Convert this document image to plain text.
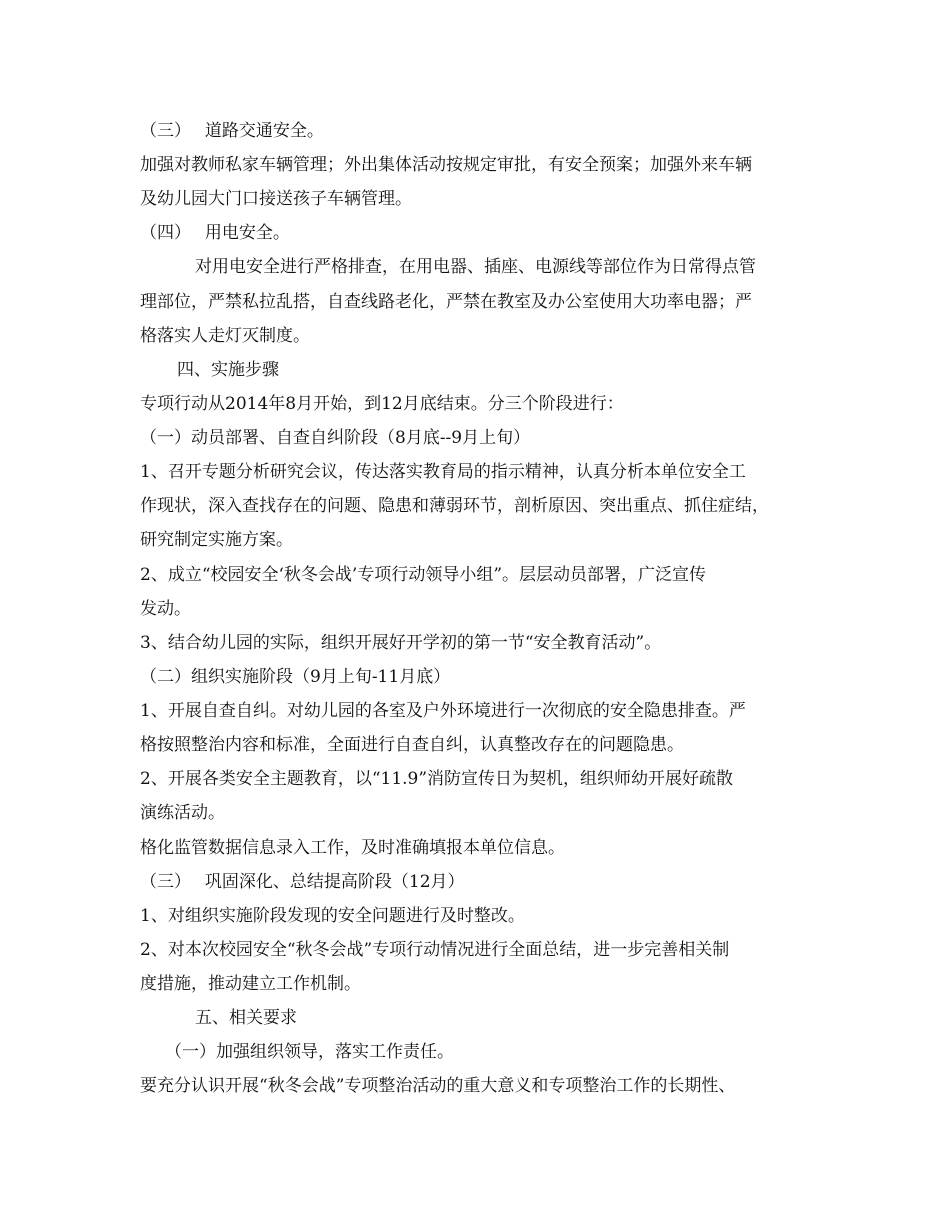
（三）　 道路交通安全。
加强对教师私家车辆管理；外出集体活动按规定审批，有安全预案；加强外来车辆
及幼儿园大门口接送孩子车辆管理。
（四）　 用电安全。
对用电安全进行严格排查，在用电器、插座、电源线等部位作为日常得点管
理部位，严禁私拉乱搭，自查线路老化，严禁在教室及办公室使用大功率电器；严
格落实人走灯灭制度。
四、实施步骤
专项行动从2014年8月开始，到12月底结束。分三个阶段进行：
（一）动员部署、自查自纠阶段（8月底--9月上旬）
1、召开专题分析研究会议，传达落实教育局的指示精神，认真分析本单位安全工
作现状，深入查找存在的问题、隐患和薄弱环节，剖析原因、突出重点、抓住症结，
研究制定实施方案。
2、成立“校园安全‘秋冬会战’专项行动领导小组”。层层动员部署，广泛宣传
发动。
3、结合幼儿园的实际，组织开展好开学初的第一节“安全教育活动”。
（二）组织实施阶段（9月上旬-11月底）
1、开展自查自纠。对幼儿园的各室及户外环境进行一次彻底的安全隐患排查。严
格按照整治内容和标准，全面进行自查自纠，认真整改存在的问题隐患。
2、开展各类安全主题教育，以“11.9”消防宣传日为契机，组织师幼开展好疏散
演练活动。
格化监管数据信息录入工作，及时准确填报本单位信息。
（三）　 巩固深化、总结提高阶段（12月）
1、对组织实施阶段发现的安全问题进行及时整改。
2、对本次校园安全“秋冬会战”专项行动情况进行全面总结，进一步完善相关制
度措施，推动建立工作机制。
五、相关要求
（一）加强组织领导，落实工作责任。
要充分认识开展“秋冬会战”专项整治活动的重大意义和专项整治工作的长期性、
